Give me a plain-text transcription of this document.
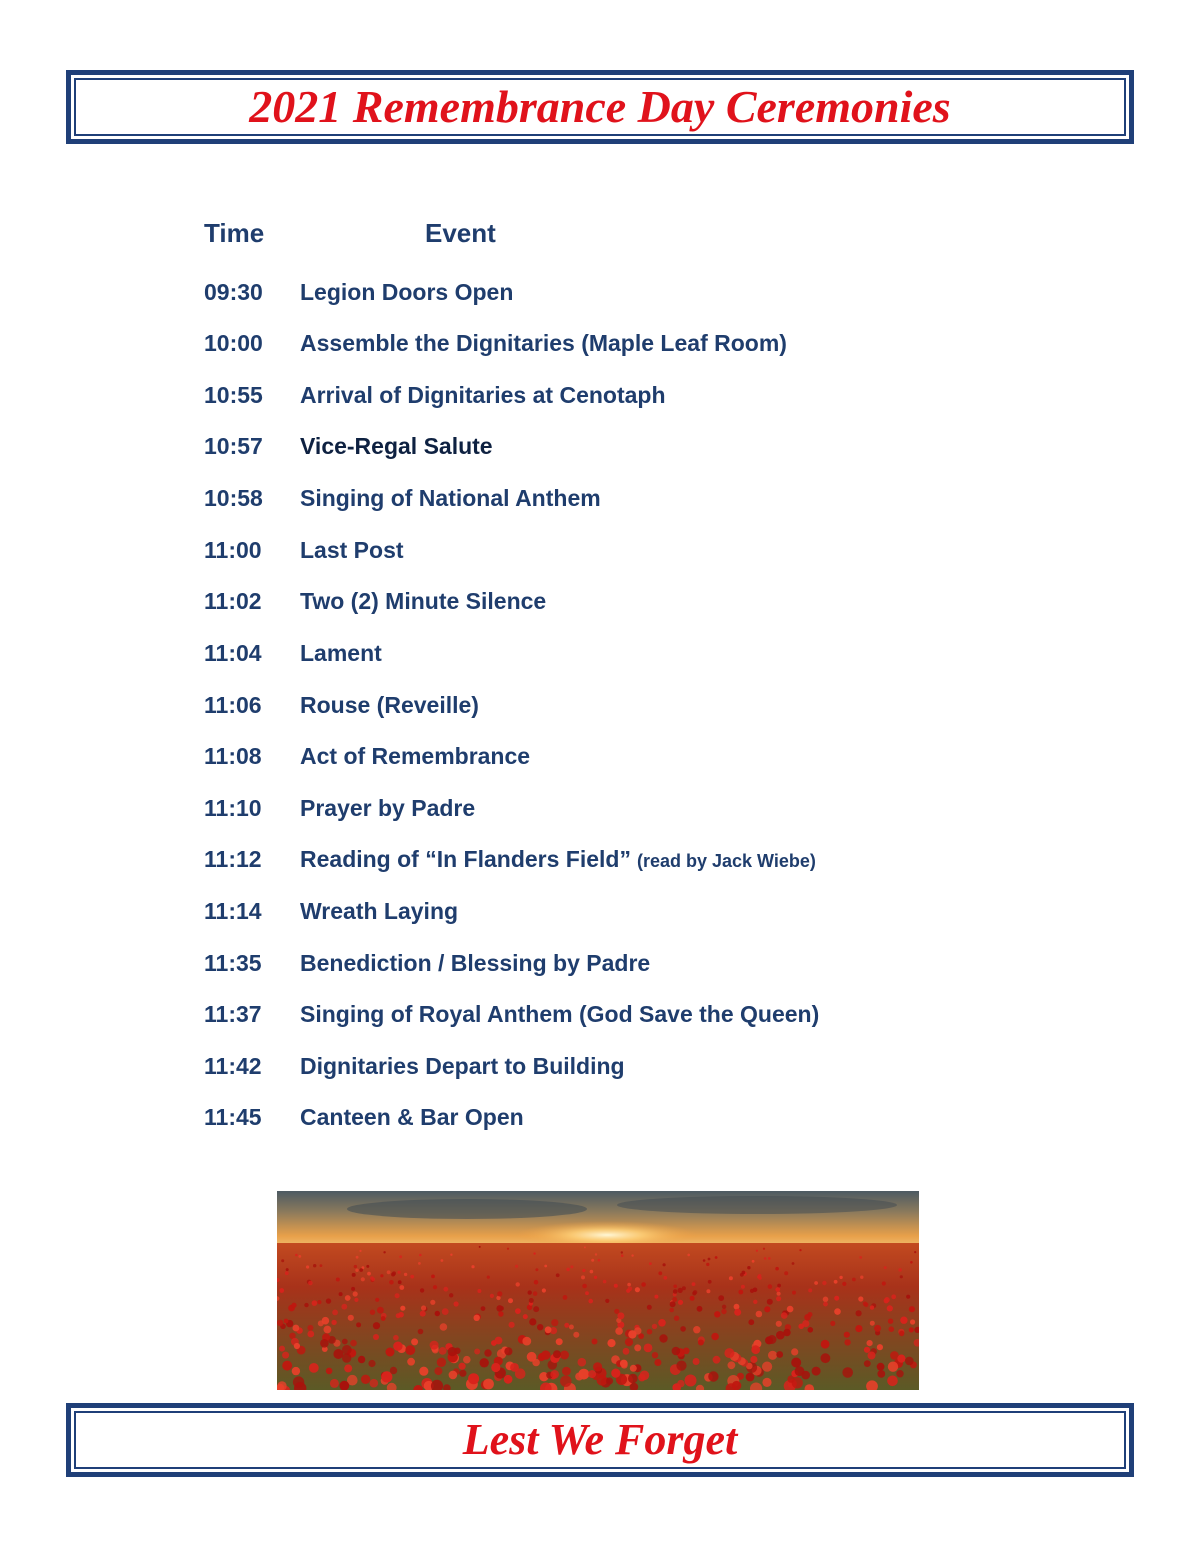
2021 Remembrance Day Ceremonies
Time	Event
09:30 Legion Doors Open
10:00 Assemble the Dignitaries (Maple Leaf Room)
10:55 Arrival of Dignitaries at Cenotaph
10:57 Vice-Regal Salute
10:58 Singing of National Anthem
11:00 Last Post
11:02 Two (2) Minute Silence
11:04 Lament
11:06 Rouse (Reveille)
11:08 Act of Remembrance
11:10 Prayer by Padre
11:12 Reading of “In Flanders Field” (read by Jack Wiebe)
11:14 Wreath Laying
11:35 Benediction / Blessing by Padre
11:37 Singing of Royal Anthem (God Save the Queen)
11:42 Dignitaries Depart to Building
11:45 Canteen & Bar Open
Lest We Forget
